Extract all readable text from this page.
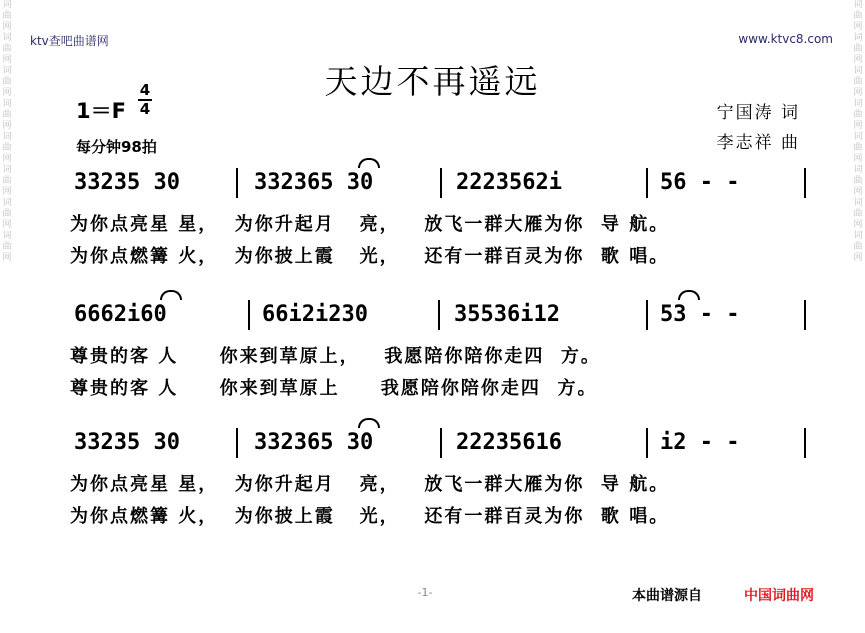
词曲网词曲网词曲网词曲网词曲网词曲网词曲网词曲网
词曲网词曲网词曲网词曲网词曲网词曲网词曲网词曲网
ktv查吧曲谱网	www.ktvc8.com
天边不再遥远
$1=F \frac{4}{4}$
每分钟98拍
宁国涛 词
李志祥 曲
33235 30	332365 30	2223562i	56 - -
为你点亮星 星，  为你升起月   亮，   放飞一群大雁为你  导 航。
为你点燃篝 火，  为你披上霞   光，   还有一群百灵为你  歌 唱。
6662i60	66i2i230	35536i12	53 - -
尊贵的客 人     你来到草原上，   我愿陪你陪你走四  方。
尊贵的客 人     你来到草原上     我愿陪你陪你走四  方。
33235 30	332365 30	22235616	i2 - -
为你点亮星 星，  为你升起月   亮，   放飞一群大雁为你  导 航。
为你点燃篝 火，  为你披上霞   光，   还有一群百灵为你  歌 唱。
-1-	本曲谱源自	中国词曲网
